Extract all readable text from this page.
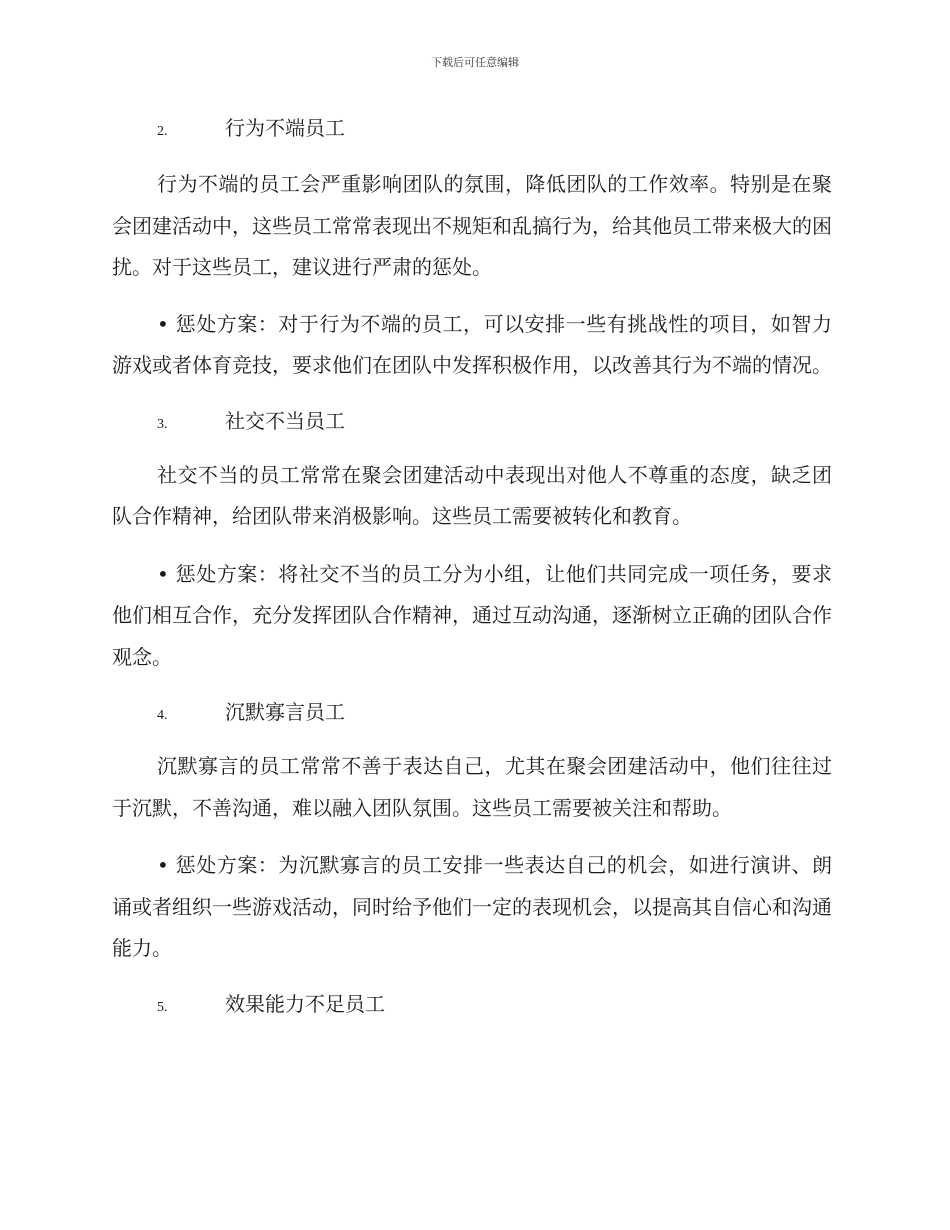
下载后可任意编辑
2.	行为不端员工

行为不端的员工会严重影响团队的氛围，降低团队的工作效率。特别是在聚会团建活动中，这些员工常常表现出不规矩和乱搞行为，给其他员工带来极大的困扰。对于这些员工，建议进行严肃的惩处。

• 惩处方案：对于行为不端的员工，可以安排一些有挑战性的项目，如智力游戏或者体育竞技，要求他们在团队中发挥积极作用，以改善其行为不端的情况。

3.	社交不当员工

社交不当的员工常常在聚会团建活动中表现出对他人不尊重的态度，缺乏团队合作精神，给团队带来消极影响。这些员工需要被转化和教育。

• 惩处方案：将社交不当的员工分为小组，让他们共同完成一项任务，要求他们相互合作，充分发挥团队合作精神，通过互动沟通，逐渐树立正确的团队合作观念。

4.	沉默寡言员工

沉默寡言的员工常常不善于表达自己，尤其在聚会团建活动中，他们往往过于沉默，不善沟通，难以融入团队氛围。这些员工需要被关注和帮助。

• 惩处方案：为沉默寡言的员工安排一些表达自己的机会，如进行演讲、朗诵或者组织一些游戏活动，同时给予他们一定的表现机会，以提高其自信心和沟通能力。

5.	效果能力不足员工
